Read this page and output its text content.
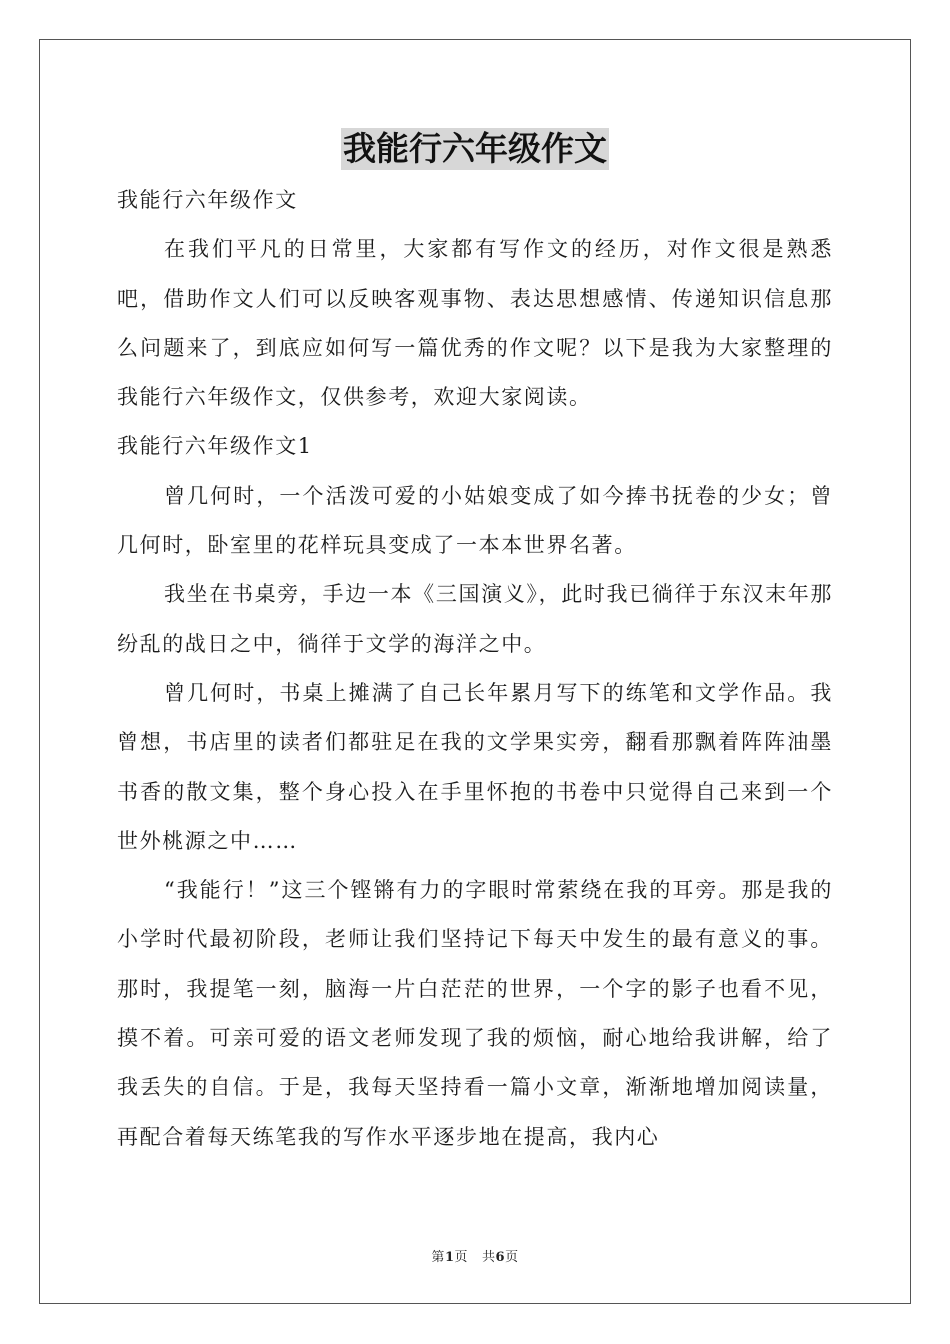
我能行六年级作文

我能行六年级作文

在我们平凡的日常里，大家都有写作文的经历，对作文很是熟悉吧，借助作文人们可以反映客观事物、表达思想感情、传递知识信息那么问题来了，到底应如何写一篇优秀的作文呢？以下是我为大家整理的我能行六年级作文，仅供参考，欢迎大家阅读。

我能行六年级作文1

曾几何时，一个活泼可爱的小姑娘变成了如今捧书抚卷的少女；曾几何时，卧室里的花样玩具变成了一本本世界名著。

我坐在书桌旁，手边一本《三国演义》，此时我已徜徉于东汉末年那纷乱的战日之中，徜徉于文学的海洋之中。

曾几何时，书桌上摊满了自己长年累月写下的练笔和文学作品。我曾想，书店里的读者们都驻足在我的文学果实旁，翻看那飘着阵阵油墨书香的散文集，整个身心投入在手里怀抱的书卷中只觉得自己来到一个世外桃源之中……

“我能行！”这三个铿锵有力的字眼时常萦绕在我的耳旁。那是我的小学时代最初阶段，老师让我们坚持记下每天中发生的最有意义的事。那时，我提笔一刻，脑海一片白茫茫的世界，一个字的影子也看不见，摸不着。可亲可爱的语文老师发现了我的烦恼，耐心地给我讲解，给了我丢失的自信。于是，我每天坚持看一篇小文章，渐渐地增加阅读量，再配合着每天练笔我的写作水平逐步地在提高，我内心

第1页 共6页
